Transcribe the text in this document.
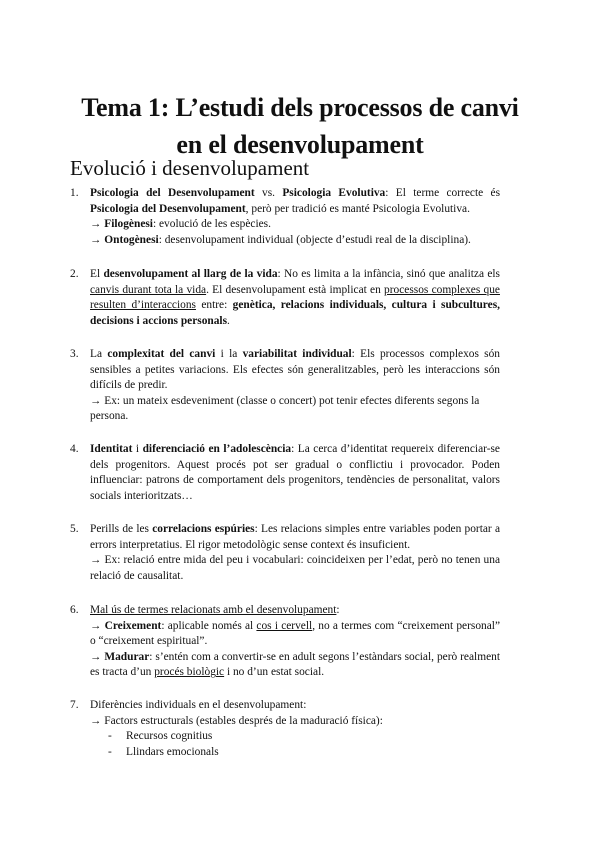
Tema 1: L’estudi dels processos de canvi
en el desenvolupament
Evolució i desenvolupament
1. Psicologia del Desenvolupament vs. Psicologia Evolutiva: El terme correcte és Psicologia del Desenvolupament, però per tradició es manté Psicologia Evolutiva.

→ Filogènesi: evolució de les espècies.

→ Ontogènesi: desenvolupament individual (objecte d’estudi real de la disciplina).

2. El desenvolupament al llarg de la vida: No es limita a la infància, sinó que analitza els canvis durant tota la vida. El desenvolupament està implicat en processos complexes que resulten d’interaccions entre: genètica, relacions individuals, cultura i subcultures, decisions i accions personals.

3. La complexitat del canvi i la variabilitat individual: Els processos complexos són sensibles a petites variacions. Els efectes són generalitzables, però les interaccions són difícils de predir.

→ Ex: un mateix esdeveniment (classe o concert) pot tenir efectes diferents segons la persona.

4. Identitat i diferenciació en l’adolescència: La cerca d’identitat requereix diferenciar-se dels progenitors. Aquest procés pot ser gradual o conflictiu i provocador. Poden influenciar: patrons de comportament dels progenitors, tendències de personalitat, valors socials interioritzats…

5. Perills de les correlacions espúries: Les relacions simples entre variables poden portar a errors interpretatius. El rigor metodològic sense context és insuficient.

→ Ex: relació entre mida del peu i vocabulari: coincideixen per l’edat, però no tenen una relació de causalitat.

6. Mal ús de termes relacionats amb el desenvolupament:

→ Creixement: aplicable només al cos i cervell, no a termes com “creixement personal” o “creixement espiritual”.

→ Madurar: s’entén com a convertir-se en adult segons l’estàndars social, però realment es tracta d’un procés biològic i no d’un estat social.

7. Diferències individuals en el desenvolupament:

→ Factors estructurals (estables després de la maduració física):

- Recursos cognitius
- Llindars emocionals
